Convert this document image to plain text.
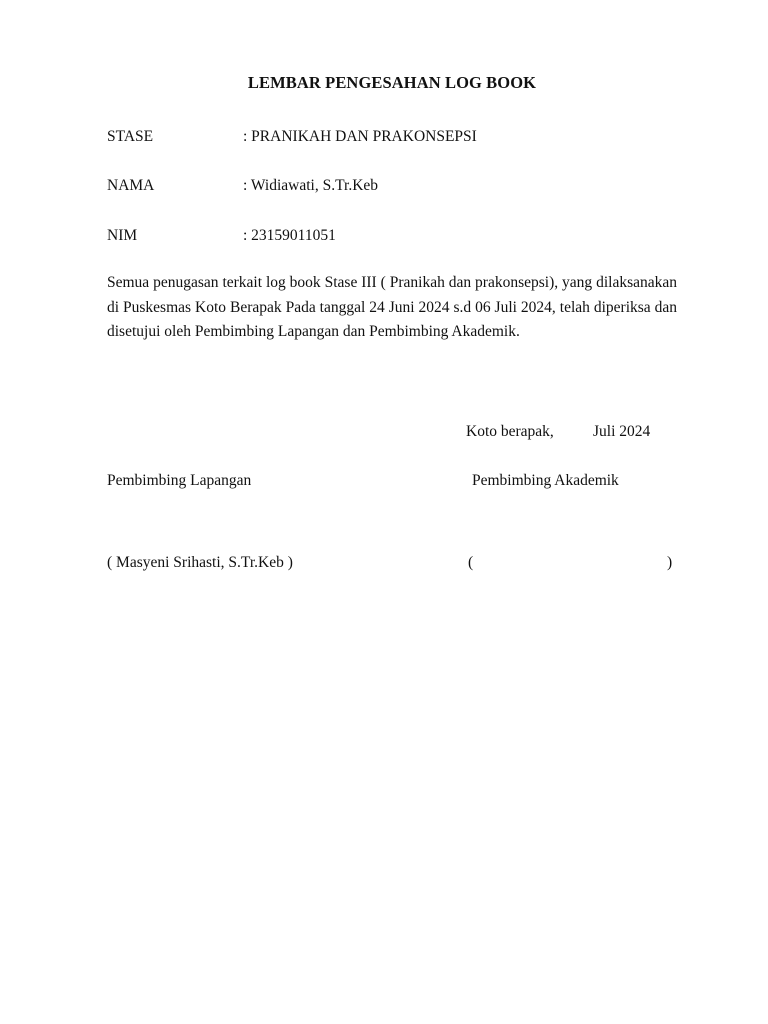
LEMBAR PENGESAHAN LOG BOOK
STASE	: PRANIKAH DAN PRAKONSEPSI
NAMA	: Widiawati, S.Tr.Keb
NIM	: 23159011051
Semua penugasan terkait log book Stase III ( Pranikah dan prakonsepsi), yang dilaksanakan di Puskesmas Koto Berapak Pada tanggal 24 Juni 2024 s.d 06 Juli 2024, telah diperiksa dan disetujui oleh Pembimbing Lapangan dan Pembimbing Akademik.
Koto berapak,	Juli 2024
Pembimbing Lapangan	Pembimbing Akademik
( Masyeni Srihasti, S.Tr.Keb )	(	)
